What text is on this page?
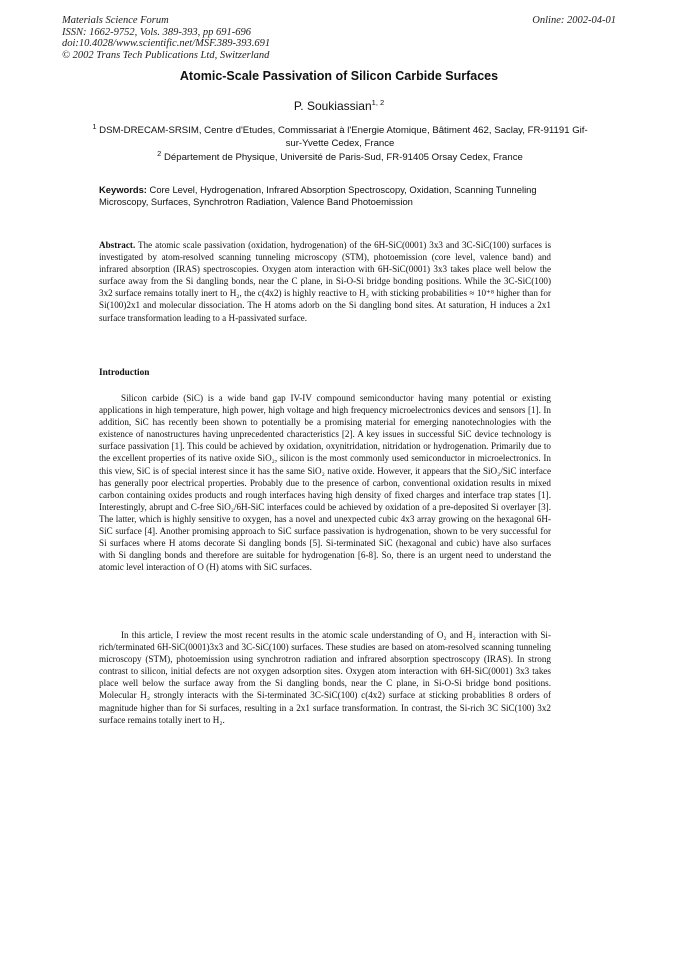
Materials Science Forum
ISSN: 1662-9752, Vols. 389-393, pp 691-696
doi:10.4028/www.scientific.net/MSF.389-393.691
© 2002 Trans Tech Publications Ltd, Switzerland
Online: 2002-04-01
Atomic-Scale Passivation of Silicon Carbide Surfaces
P. Soukiassian$^{1, 2}$
$^1$ DSM-DRECAM-SRSIM, Centre d'Etudes, Commissariat à l'Energie Atomique, Bâtiment 462, Saclay, FR-91191 Gif-sur-Yvette Cedex, France
$^2$ Département de Physique, Université de Paris-Sud, FR-91405 Orsay Cedex, France
Keywords: Core Level, Hydrogenation, Infrared Absorption Spectroscopy, Oxidation, Scanning Tunneling Microscopy, Surfaces, Synchrotron Radiation, Valence Band Photoemission

Abstract. The atomic scale passivation (oxidation, hydrogenation) of the 6H-SiC(0001) 3x3 and 3C-SiC(100) surfaces is investigated by atom-resolved scanning tunneling microscopy (STM), photoemission (core level, valence band) and infrared absorption (IRAS) spectroscopies. Oxygen atom interaction with 6H-SiC(0001) 3x3 takes place well below the surface away from the Si dangling bonds, near the C plane, in Si-O-Si bridge bonding positions. While the 3C-SiC(100) 3x2 surface remains totally inert to H₂, the c(4x2) is highly reactive to H₂ with sticking probabilities ≈ 10⁺⁸ higher than for Si(100)2x1 and molecular dissociation. The H atoms adorb on the Si dangling bond sites. At saturation, H induces a 2x1 surface transformation leading to a H-passivated surface.

Introduction

Silicon carbide (SiC) is a wide band gap IV-IV compound semiconductor having many potential or existing applications in high temperature, high power, high voltage and high frequency microelectronics devices and sensors [1]. In addition, SiC has recently been shown to potentially be a promising material for emerging nanotechnologies with the existence of nanostructures having unprecedented characteristics [2]. A key issues in successful SiC device technology is surface passivation [1]. This could be achieved by oxidation, oxynitridation, nitridation or hydrogenation. Primarily due to the excellent properties of its native oxide SiO₂, silicon is the most commonly used semiconductor in microelectronics. In this view, SiC is of special interest since it has the same SiO₂ native oxide. However, it appears that the SiO₂/SiC interface has generally poor electrical properties. Probably due to the presence of carbon, conventional oxidation results in mixed carbon containing oxides products and rough interfaces having high density of fixed charges and interface trap states [1]. Interestingly, abrupt and C-free SiO₂/6H-SiC interfaces could be achieved by oxidation of a pre-deposited Si overlayer [3]. The latter, which is highly sensitive to oxygen, has a novel and unexpected cubic 4x3 array growing on the hexagonal 6H-SiC surface [4]. Another promising approach to SiC surface passivation is hydrogenation, shown to be very successful for Si surfaces where H atoms decorate Si dangling bonds [5]. Si-terminated SiC (hexagonal and cubic) have also surfaces with Si dangling bonds and therefore are suitable for hydrogenation [6-8]. So, there is an urgent need to understand the atomic level interaction of O (H) atoms with SiC surfaces.

In this article, I review the most recent results in the atomic scale understanding of O₂ and H₂ interaction with Si-rich/terminated 6H-SiC(0001)3x3 and 3C-SiC(100) surfaces. These studies are based on atom-resolved scanning tunneling microscopy (STM), photoemission using synchrotron radiation and infrared absorption spectroscopy (IRAS). In strong contrast to silicon, initial defects are not oxygen adsorption sites. Oxygen atom interaction with 6H-SiC(0001) 3x3 takes place well below the surface away from the Si dangling bonds, near the C plane, in Si-O-Si bridge bond positions. Molecular H₂ strongly interacts with the Si-terminated 3C-SiC(100) c(4x2) surface at sticking probablities 8 orders of magnitude higher than for Si surfaces, resulting in a 2x1 surface transformation. In contrast, the Si-rich 3C SiC(100) 3x2 surface remains totally inert to H₂.
